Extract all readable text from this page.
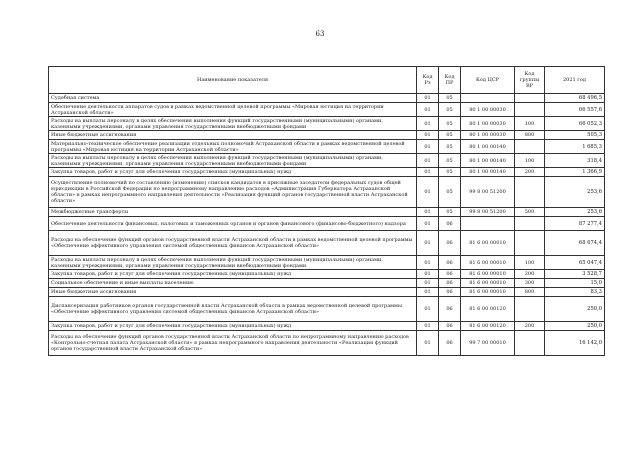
63
Наименование показателя	Код Рз	Код ПР	Код ЦСР	Код группы ВР	2021 год
Судебная система	01	05			68 496,5
Обеспечение деятельности аппаратов судов в рамках ведомственной целевой программы «Мировая юстиция на территории Астраханской области»	01	05	80 1 00 00030		66 557,6
Расходы на выплаты персоналу в целях обеспечения выполнения функций государственными (муниципальными) органами, казенными учреждениями, органами управления государственными внебюджетными фондами	01	05	80 1 00 00030	100	66 052,3
Иные бюджетные ассигнования	01	05	80 1 00 00030	800	505,3
Материально-техническое обеспечение реализации отдельных полномочий Астраханской области в рамках ведомственной целевой программы «Мировая юстиция на территории Астраханской области»	01	05	80 1 00 00140		1 685,3
Расходы на выплаты персоналу в целях обеспечения выполнения функций государственными (муниципальными) органами, казенными учреждениями, органами управления государственными внебюджетными фондами	01	05	80 1 00 00140	100	318,4
Закупка товаров, работ и услуг для обеспечения государственных (муниципальных) нужд	01	05	80 1 00 00140	200	1 366,9
Осуществление полномочий по составлению (изменению) списков кандидатов в присяжные заседатели федеральных судов общей юрисдикции в Российской Федерации по непрограммному направлению расходов «Администрация Губернатора Астраханской области» в рамках непрограммного направления деятельности «Реализация функций органов государственной власти Астраханской области»	01	05	99 8 00 51200		253,6
Межбюджетные трансферты	01	05	99 8 00 51200	500	253,6
Обеспечение деятельности финансовых, налоговых и таможенных органов и органов финансового (финансово-бюджетного) надзора	01	06			87 277,4
Расходы на обеспечение функций органов государственной власти Астраханской области в рамках ведомственной целевой программы «Обеспечение эффективного управления системой общественных финансов Астраханской области»	01	06	81 6 00 00010		68 674,4
Расходы на выплаты персоналу в целях обеспечения выполнения функций государственными (муниципальными) органами, казенными учреждениями, органами управления государственными внебюджетными фондами	01	06	81 6 00 00010	100	65 047,4
Закупка товаров, работ и услуг для обеспечения государственных (муниципальных) нужд	01	06	81 6 00 00010	200	3 528,7
Социальное обеспечение и иные выплаты населению	01	06	81 6 00 00010	300	15,0
Иные бюджетные ассигнования	01	06	81 6 00 00010	800	83,3
Диспансеризация работников органов государственной власти Астраханской области в рамках ведомственной целевой программы «Обеспечение эффективного управления системой общественных финансов Астраханской области»	01	06	81 6 00 00120		250,0
Закупка товаров, работ и услуг для обеспечения государственных (муниципальных) нужд	01	06	81 6 00 00120	200	250,0
Расходы на обеспечение функций органов государственной власти Астраханской области по непрограммному направлению расходов «Контрольно-счетная палата Астраханской области» в рамках непрограммного направления деятельности «Реализация функций органов государственной власти Астраханской области»	01	06	99 7 00 00010		16 142,0
